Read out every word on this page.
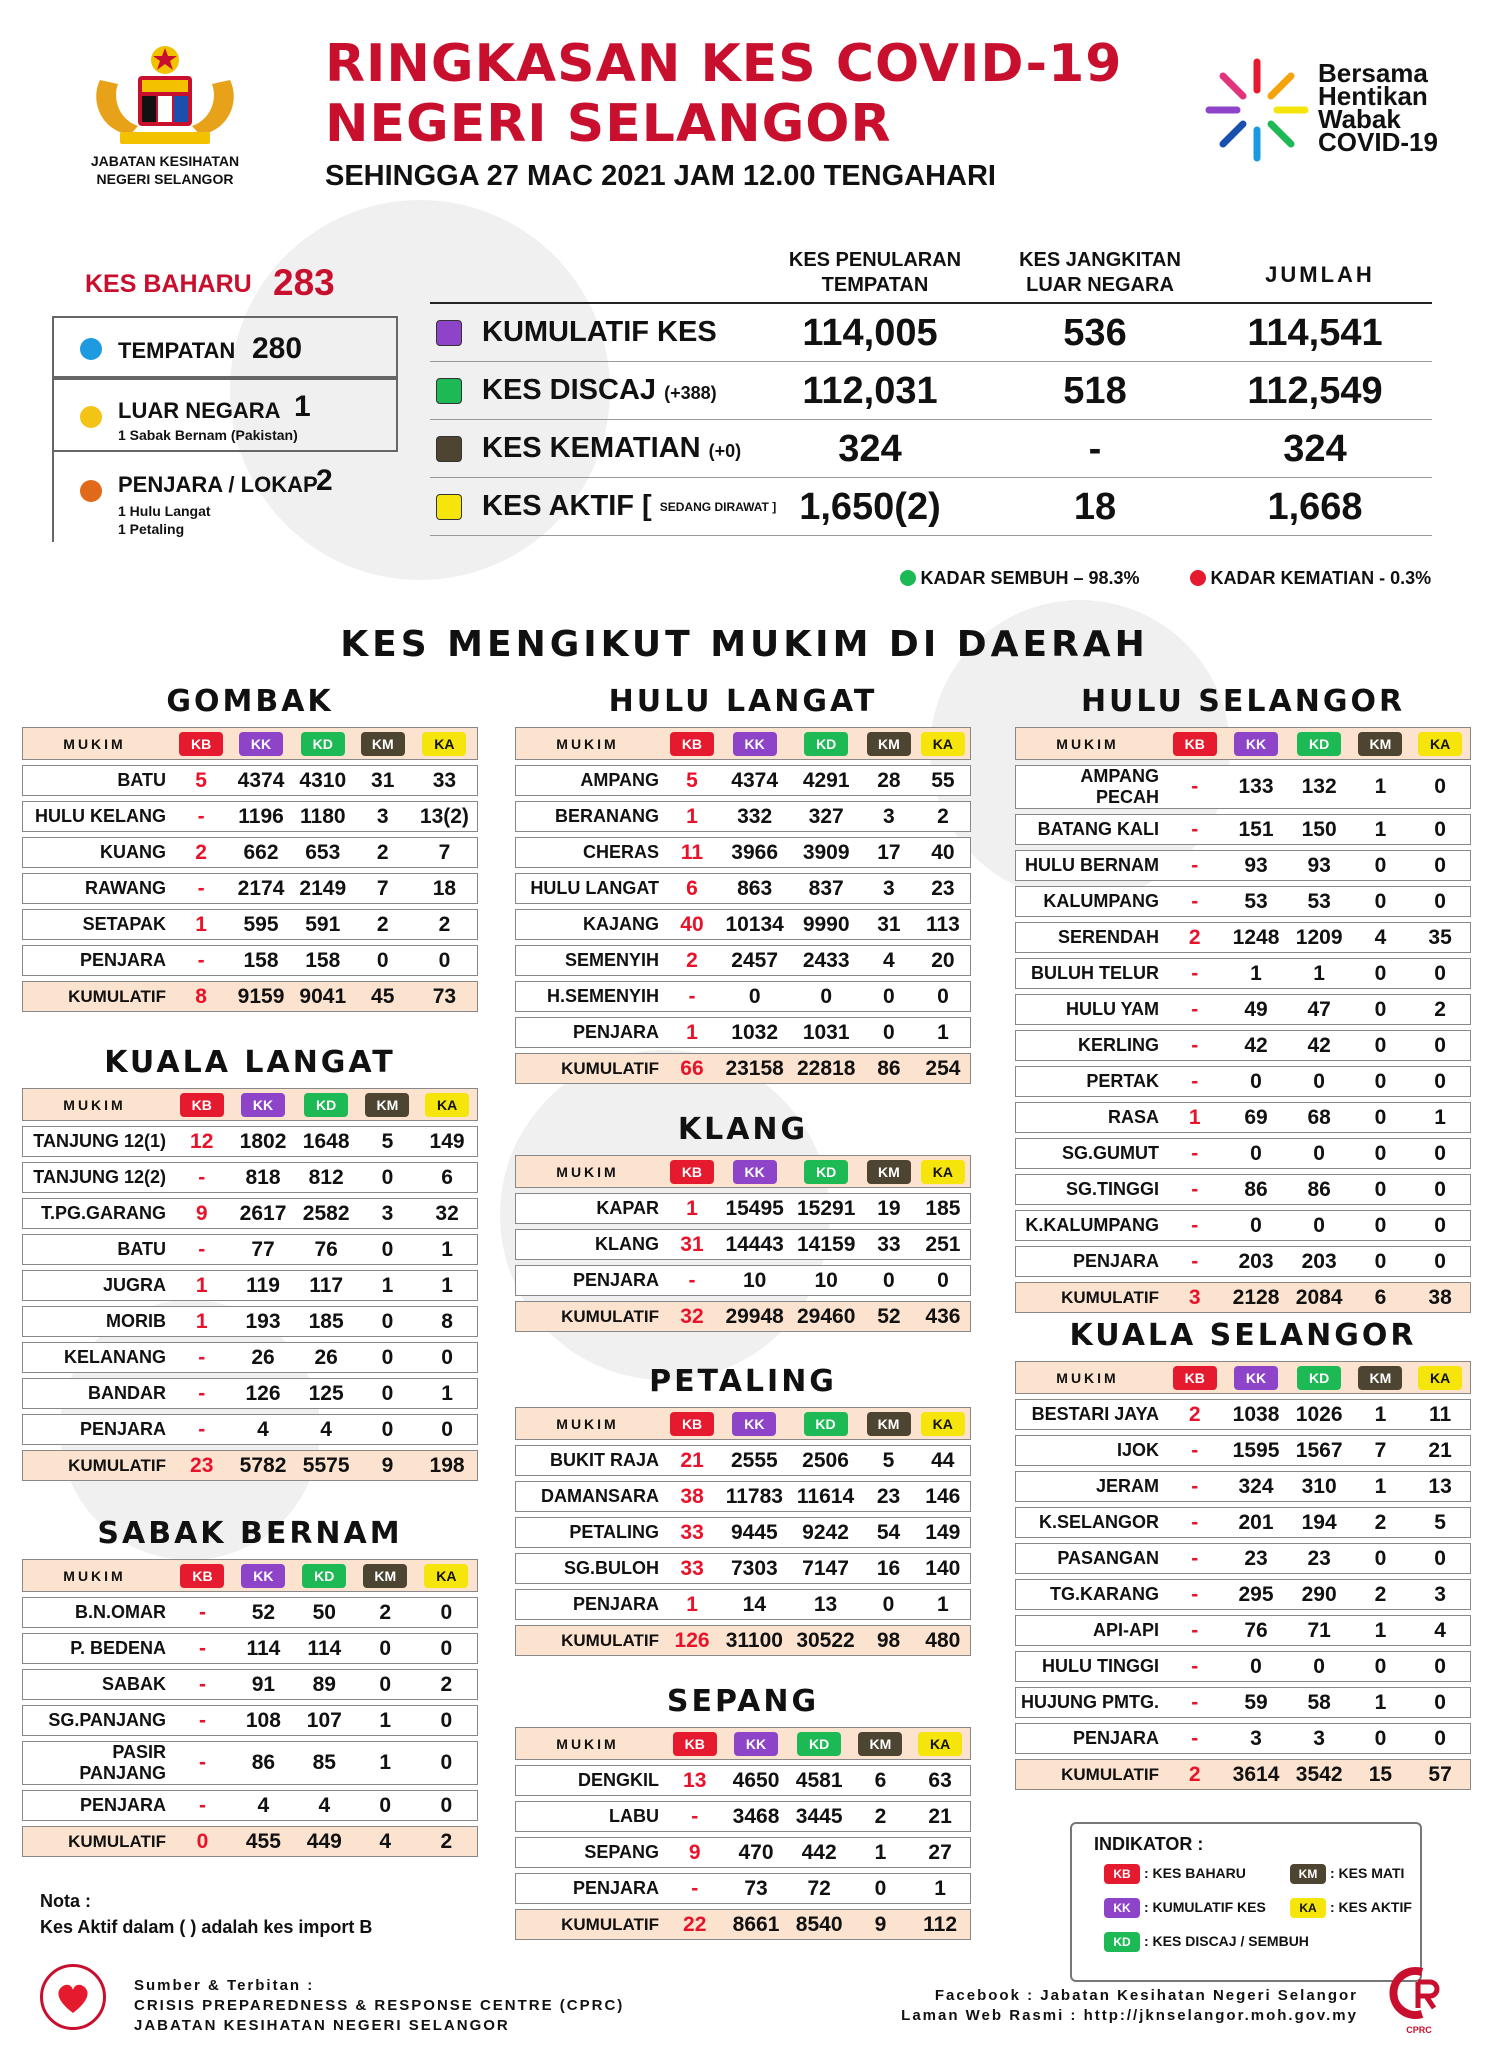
JABATAN KESIHATAN
NEGERI SELANGOR
RINGKASAN KES COVID-19
NEGERI SELANGOR
SEHINGGA 27 MAC 2021 JAM 12.00 TENGAHARI
Bersama
Hentikan
Wabak
COVID-19
KES BAHARU 283
TEMPATAN 280
LUAR NEGARA 1
1 Sabak Bernam (Pakistan)
PENJARA / LOKAP
2
1 Hulu Langat
1 Petaling
KES PENULARAN
TEMPATAN
KES JANGKITAN
LUAR NEGARA	JUMLAH
KUMULATIF KES	114,005	536	114,541
KES DISCAJ (+388)	112,031	518	112,549
KES KEMATIAN (+0)	324	-	324
KES AKTIF [ SEDANG DIRAWAT ] 1,650(2)	18	1,668
KADAR SEMBUH – 98.3%	KADAR KEMATIAN - 0.3%
KES MENGIKUT MUKIM DI DAERAH
GOMBAK
MUKIM	KB	KK	KD	KM	KA
BATU	5	4374	4310	31	33
HULU KELANG	-	1196	1180	3	13(2)
KUANG	2	662	653	2	7
RAWANG	-	2174	2149	7	18
SETAPAK	1	595	591	2	2
PENJARA	-	158	158	0	0
KUMULATIF	8	9159	9041	45	73
KUALA LANGAT
MUKIM	KB	KK	KD	KM	KA
TANJUNG 12(1)	12	1802	1648	5	149
TANJUNG 12(2)	-	818	812	0	6
T.PG.GARANG	9	2617	2582	3	32
BATU	-	77	76	0	1
JUGRA	1	119	117	1	1
MORIB	1	193	185	0	8
KELANANG	-	26	26	0	0
BANDAR	-	126	125	0	1
PENJARA	-	4	4	0	0
KUMULATIF	23	5782	5575	9	198
SABAK BERNAM
MUKIM	KB	KK	KD	KM	KA
B.N.OMAR	-	52	50	2	0
P. BEDENA	-	114	114	0	0
SABAK	-	91	89	0	2
SG.PANJANG	-	108	107	1	0
PASIR PANJANG	-	86	85	1	0
PENJARA	-	4	4	0	0
KUMULATIF	0	455	449	4	2
HULU LANGAT
MUKIM	KB	KK	KD	KM	KA
AMPANG	5	4374	4291	28	55
BERANANG	1	332	327	3	2
CHERAS	11	3966	3909	17	40
HULU LANGAT	6	863	837	3	23
KAJANG	40	10134	9990	31	113
SEMENYIH	2	2457	2433	4	20
H.SEMENYIH	-	0	0	0	0
PENJARA	1	1032	1031	0	1
KUMULATIF	66	23158	22818	86	254
KLANG
MUKIM	KB	KK	KD	KM	KA
KAPAR	1	15495	15291	19	185
KLANG	31	14443	14159	33	251
PENJARA	-	10	10	0	0
KUMULATIF	32	29948	29460	52	436
PETALING
MUKIM	KB	KK	KD	KM	KA
BUKIT RAJA	21	2555	2506	5	44
DAMANSARA	38	11783	11614	23	146
PETALING	33	9445	9242	54	149
SG.BULOH	33	7303	7147	16	140
PENJARA	1	14	13	0	1
KUMULATIF	126	31100	30522	98	480
SEPANG
MUKIM	KB	KK	KD	KM	KA
DENGKIL	13	4650	4581	6	63
LABU	-	3468	3445	2	21
SEPANG	9	470	442	1	27
PENJARA	-	73	72	0	1
KUMULATIF	22	8661	8540	9	112
HULU SELANGOR
MUKIM	KB	KK	KD	KM	KA
AMPANG PECAH	-	133	132	1	0
BATANG KALI	-	151	150	1	0
HULU BERNAM	-	93	93	0	0
KALUMPANG	-	53	53	0	0
SERENDAH	2	1248	1209	4	35
BULUH TELUR	-	1	1	0	0
HULU YAM	-	49	47	0	2
KERLING	-	42	42	0	0
PERTAK	-	0	0	0	0
RASA	1	69	68	0	1
SG.GUMUT	-	0	0	0	0
SG.TINGGI	-	86	86	0	0
K.KALUMPANG	-	0	0	0	0
PENJARA	-	203	203	0	0
KUMULATIF	3	2128	2084	6	38
KUALA SELANGOR
MUKIM	KB	KK	KD	KM	KA
BESTARI JAYA	2	1038	1026	1	11
IJOK	-	1595	1567	7	21
JERAM	-	324	310	1	13
K.SELANGOR	-	201	194	2	5
PASANGAN	-	23	23	0	0
TG.KARANG	-	295	290	2	3
API-API	-	76	71	1	4
HULU TINGGI	-	0	0	0	0
HUJUNG PMTG.	-	59	58	1	0
PENJARA	-	3	3	0	0
KUMULATIF	2	3614	3542	15	57
INDIKATOR :
KB : KES BAHARU	KM : KES MATI
KK : KUMULATIF KES	KA : KES AKTIF
KD : KES DISCAJ / SEMBUH
Nota :
Kes Aktif dalam ( ) adalah kes import B
Sumber & Terbitan :
CRISIS PREPAREDNESS & RESPONSE CENTRE (CPRC)
JABATAN KESIHATAN NEGERI SELANGOR
Facebook : Jabatan Kesihatan Negeri Selangor
Laman Web Rasmi : http://jknselangor.moh.gov.my
CPRC
